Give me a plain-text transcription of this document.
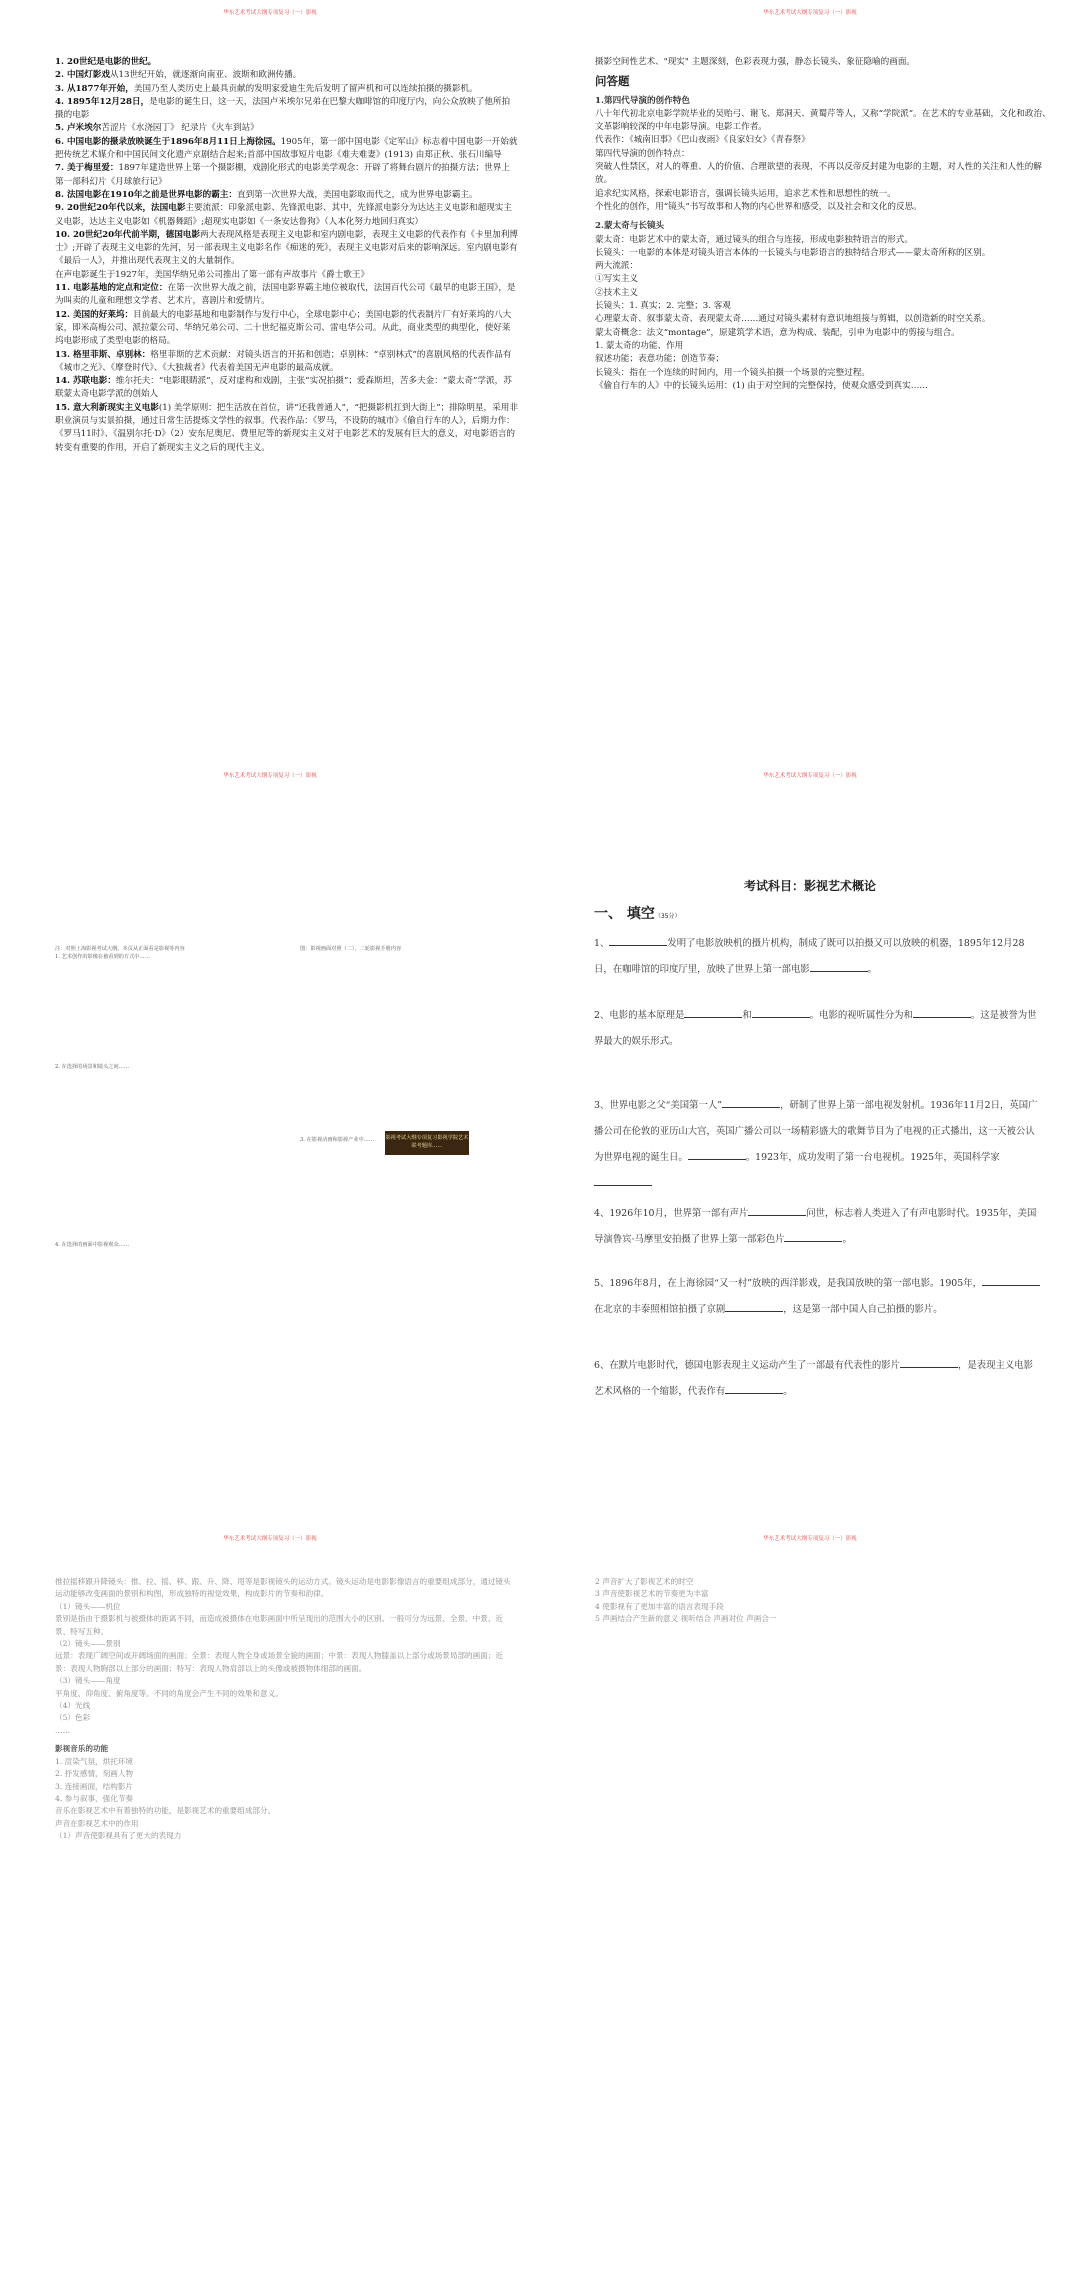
华东艺术考试大纲专项复习（一）影视

1. 20世纪是电影的世纪。

2. 中国灯影戏从13世纪开始，就逐渐向南亚、波斯和欧洲传播。

3. 从1877年开始，美国乃至人类历史上最具贡献的发明家爱迪生先后发明了留声机和可以连续拍摄的摄影机。

4. 1895年12月28日，是电影的诞生日，这一天，法国卢米埃尔兄弟在巴黎大咖啡馆的印度厅内，向公众放映了他所拍摄的电影

5. 卢米埃尔苦涩片《水浇园丁》 纪录片《火车到站》

6. 中国电影的摄录放映诞生于1896年8月11日上海徐园。1905年，第一部中国电影《定军山》标志着中国电影一开始就把传统艺术媒介和中国民间文化遗产京剧结合起来;首部中国故事短片电影《难夫难妻》(1913) 由郑正秋、张石川编导

7. 美于梅里爱：1897年建造世界上第一个摄影棚，戏剧化形式的电影美学观念：开辟了将舞台剧片的拍摄方法；世界上第一部科幻片《月球旅行记》

8. 法国电影在1910年之前是世界电影的霸主：直到第一次世界大战，美国电影取而代之，成为世界电影霸主。

9. 20世纪20年代以来，法国电影主要流派：印象派电影、先锋派电影、其中，先锋派电影分为达达主义电影和超现实主义电影，达达主义电影如《机器舞蹈》;超现实电影如《一条安达鲁狗》（人本化努力地回归真实）

10. 20世纪20年代前半期，德国电影两大表现风格是表现主义电影和室内剧电影，表现主义电影的代表作有《卡里加利博士》;开辟了表现主义电影的先河，另一部表现主义电影名作《痴迷的死》，表现主义电影对后来的影响深远。室内剧电影有《最后一人》，并推出现代表现主义的大量制作。

在声电影诞生于1927年，美国华纳兄弟公司推出了第一部有声故事片《爵士歌王》

11. 电影基地的定点和定位：在第一次世界大战之前，法国电影界霸主地位被取代，法国百代公司《最早的电影王国》，是为叫卖的儿童和理想文学者、艺术片，喜剧片和爱情片。

12. 美国的好莱坞：目前最大的电影基地和电影制作与发行中心，全球电影中心；美国电影的代表制片厂有好莱坞的八大家，即米高梅公司、派拉蒙公司、华纳兄弟公司、二十世纪福克斯公司、雷电华公司。从此，商业类型的典型化，使好莱坞电影形成了类型电影的格局。

13. 格里菲斯、卓别林：格里菲斯的艺术贡献：对镜头语言的开拓和创造；卓别林：“卓别林式”的喜剧风格的代表作品有《城市之光》、《摩登时代》、《大独裁者》代表着美国无声电影的最高成就。

14. 苏联电影：维尔托夫：“电影眼睛派”，反对虚构和戏剧，主张“实况拍摄”；爱森斯坦，苦多夫金：“蒙太奇”学派，苏联蒙太奇电影学派的创始人

15. 意大利新现实主义电影(1) 美学原则：把生活放在首位，讲“还我普通人”，“把摄影机扛到大街上”；排除明星，采用非职业演员与实景拍摄，通过日常生活提炼文学性的叙事。代表作品：《罗马，不设防的城市》《偷自行车的人》，后期力作：《罗马11时》、《温别尔托·D》（2）安东尼奥尼、费里尼等的新现实主义对于电影艺术的发展有巨大的意义，对电影语言的转变有重要的作用，开启了新现实主义之后的现代主义。

华东艺术考试大纲专项复习（一）影视

摄影空间性艺术、"现实" 主题深刻，色彩表现力强，静态长镜头、象征隐喻的画面。

问答题
1.第四代导演的创作特色

八十年代初北京电影学院毕业的吴贻弓、谢飞、郑洞天、黄蜀芹等人，又称“学院派”。在艺术的专业基础，文化和政治、文革影响较深的中年电影导演。电影工作者。
代表作：《城南旧事》《巴山夜雨》《良家妇女》《青春祭》
第四代导演的创作特点：
突破人性禁区，对人的尊重、人的价值、合理欲望的表现，不再以反帝反封建为电影的主题，对人性的关注和人性的解放。
追求纪实风格，探索电影语言，强调长镜头运用，追求艺术性和思想性的统一。
个性化的创作，用“镜头”书写故事和人物的内心世界和感受，以及社会和文化的反思。

2.蒙太奇与长镜头

蒙太奇：电影艺术中的蒙太奇，通过镜头的组合与连接，形成电影独特语言的形式。
长镜头：一电影的本体是对镜头语言本体的一长镜头与电影语言的独特结合形式——蒙太奇所称的区别。
两大流派：
①写实主义
②技术主义
长镜头：1. 真实；2. 完整；3. 客观
心理蒙太奇、叙事蒙太奇、表现蒙太奇……通过对镜头素材有意识地组接与剪辑，以创造新的时空关系。
蒙太奇概念：法文“montage”，原建筑学术语，意为构成、装配，引申为电影中的剪接与组合。
1. 蒙太奇的功能、作用
叙述功能；表意功能；创造节奏；
长镜头：指在一个连续的时间内，用一个镜头拍摄一个场景的完整过程。
《偷自行车的人》中的长镜头运用：(1) 由于对空间的完整保持，使观众感受到真实……

华东艺术考试大纲专项复习（一）影视
注：对照上海影视考试大纲，本页从正面看是影视等内容
1. 艺术创作的影像在被看到的方式中……
图：影视画面对照（二），二轮影视手册内容
2. 在选择的场景和镜头之间……
3. 在影视动画和影视产业中……
4. 在选择的画面中影视观众……
影视考试大纲专项复习影视学院艺术联考题库……
华东艺术考试大纲专项复习（一）影视
考试科目：影视艺术概论
一、 填空（35分）
1、	发明了电影放映机的摄片机构，制成了既可以拍摄又可以放映的机器，1895年12月28日，在咖啡馆的印度厅里，放映了世界上第一部电影	。
2、电影的基本原理是	和	。电影的视听属性分为和	。这是被誉为世界最大的娱乐形式。
3、世界电影之父“美国第一人”	，研制了世界上第一部电视发射机。1936年11月2日，英国广播公司在伦敦的亚历山大宫，英国广播公司以一场精彩盛大的歌舞节目为了电视的正式播出，这一天被公认为世界电视的诞生日。	。1923年，成功发明了第一台电视机。1925年，英国科学家
4、1926年10月，世界第一部有声片	问世，标志着人类进入了有声电影时代。1935年，美国导演鲁宾·马摩里安拍摄了世界上第一部彩色片	。
5、1896年8月，在上海徐园“又一村”放映的西洋影戏，是我国放映的第一部电影。1905年，在北京的丰泰照相馆拍摄了京剧	，这是第一部中国人自己拍摄的影片。
6、在默片电影时代，德国电影表现主义运动产生了一部最有代表性的影片	，是表现主义电影艺术风格的一个缩影，代表作有	。
华东艺术考试大纲专项复习（一）影视

推拉摇移跟升降镜头：推、拉、摇、移、跟、升、降、甩等是影视镜头的运动方式。镜头运动是电影影像语言的重要组成部分，通过镜头运动能够改变画面的景别和构图，形成独特的视觉效果，构成影片的节奏和韵律。
（1）镜头——机位
景别是指由于摄影机与被摄体的距离不同，而造成被摄体在电影画面中所呈现出的范围大小的区别。一般可分为远景、全景、中景、近景、特写五种。
（2）镜头——景别
远景：表现广阔空间或开阔场面的画面；全景：表现人物全身或场景全貌的画面；中景：表现人物膝盖以上部分或场景局部的画面；近景：表现人物胸部以上部分的画面；特写：表现人物肩部以上的头像或被摄物体细部的画面。
（3）镜头——角度
平角度、仰角度、俯角度等。不同的角度会产生不同的效果和意义。
（4）光线
（5）色彩
……

影视音乐的功能

1. 渲染气氛，烘托环境
2. 抒发感情，刻画人物
3. 连接画面，结构影片
4. 参与叙事，强化节奏
音乐在影视艺术中有着独特的功能，是影视艺术的重要组成部分。
声音在影视艺术中的作用
（1）声音使影视具有了更大的表现力

华东艺术考试大纲专项复习（一）影视

2 声音扩大了影视艺术的时空

3 声音使影视艺术的节奏更为丰富

4 使影视有了更加丰富的语言表现手段

5 声画结合产生新的意义 视听结合 声画对位 声画合一
